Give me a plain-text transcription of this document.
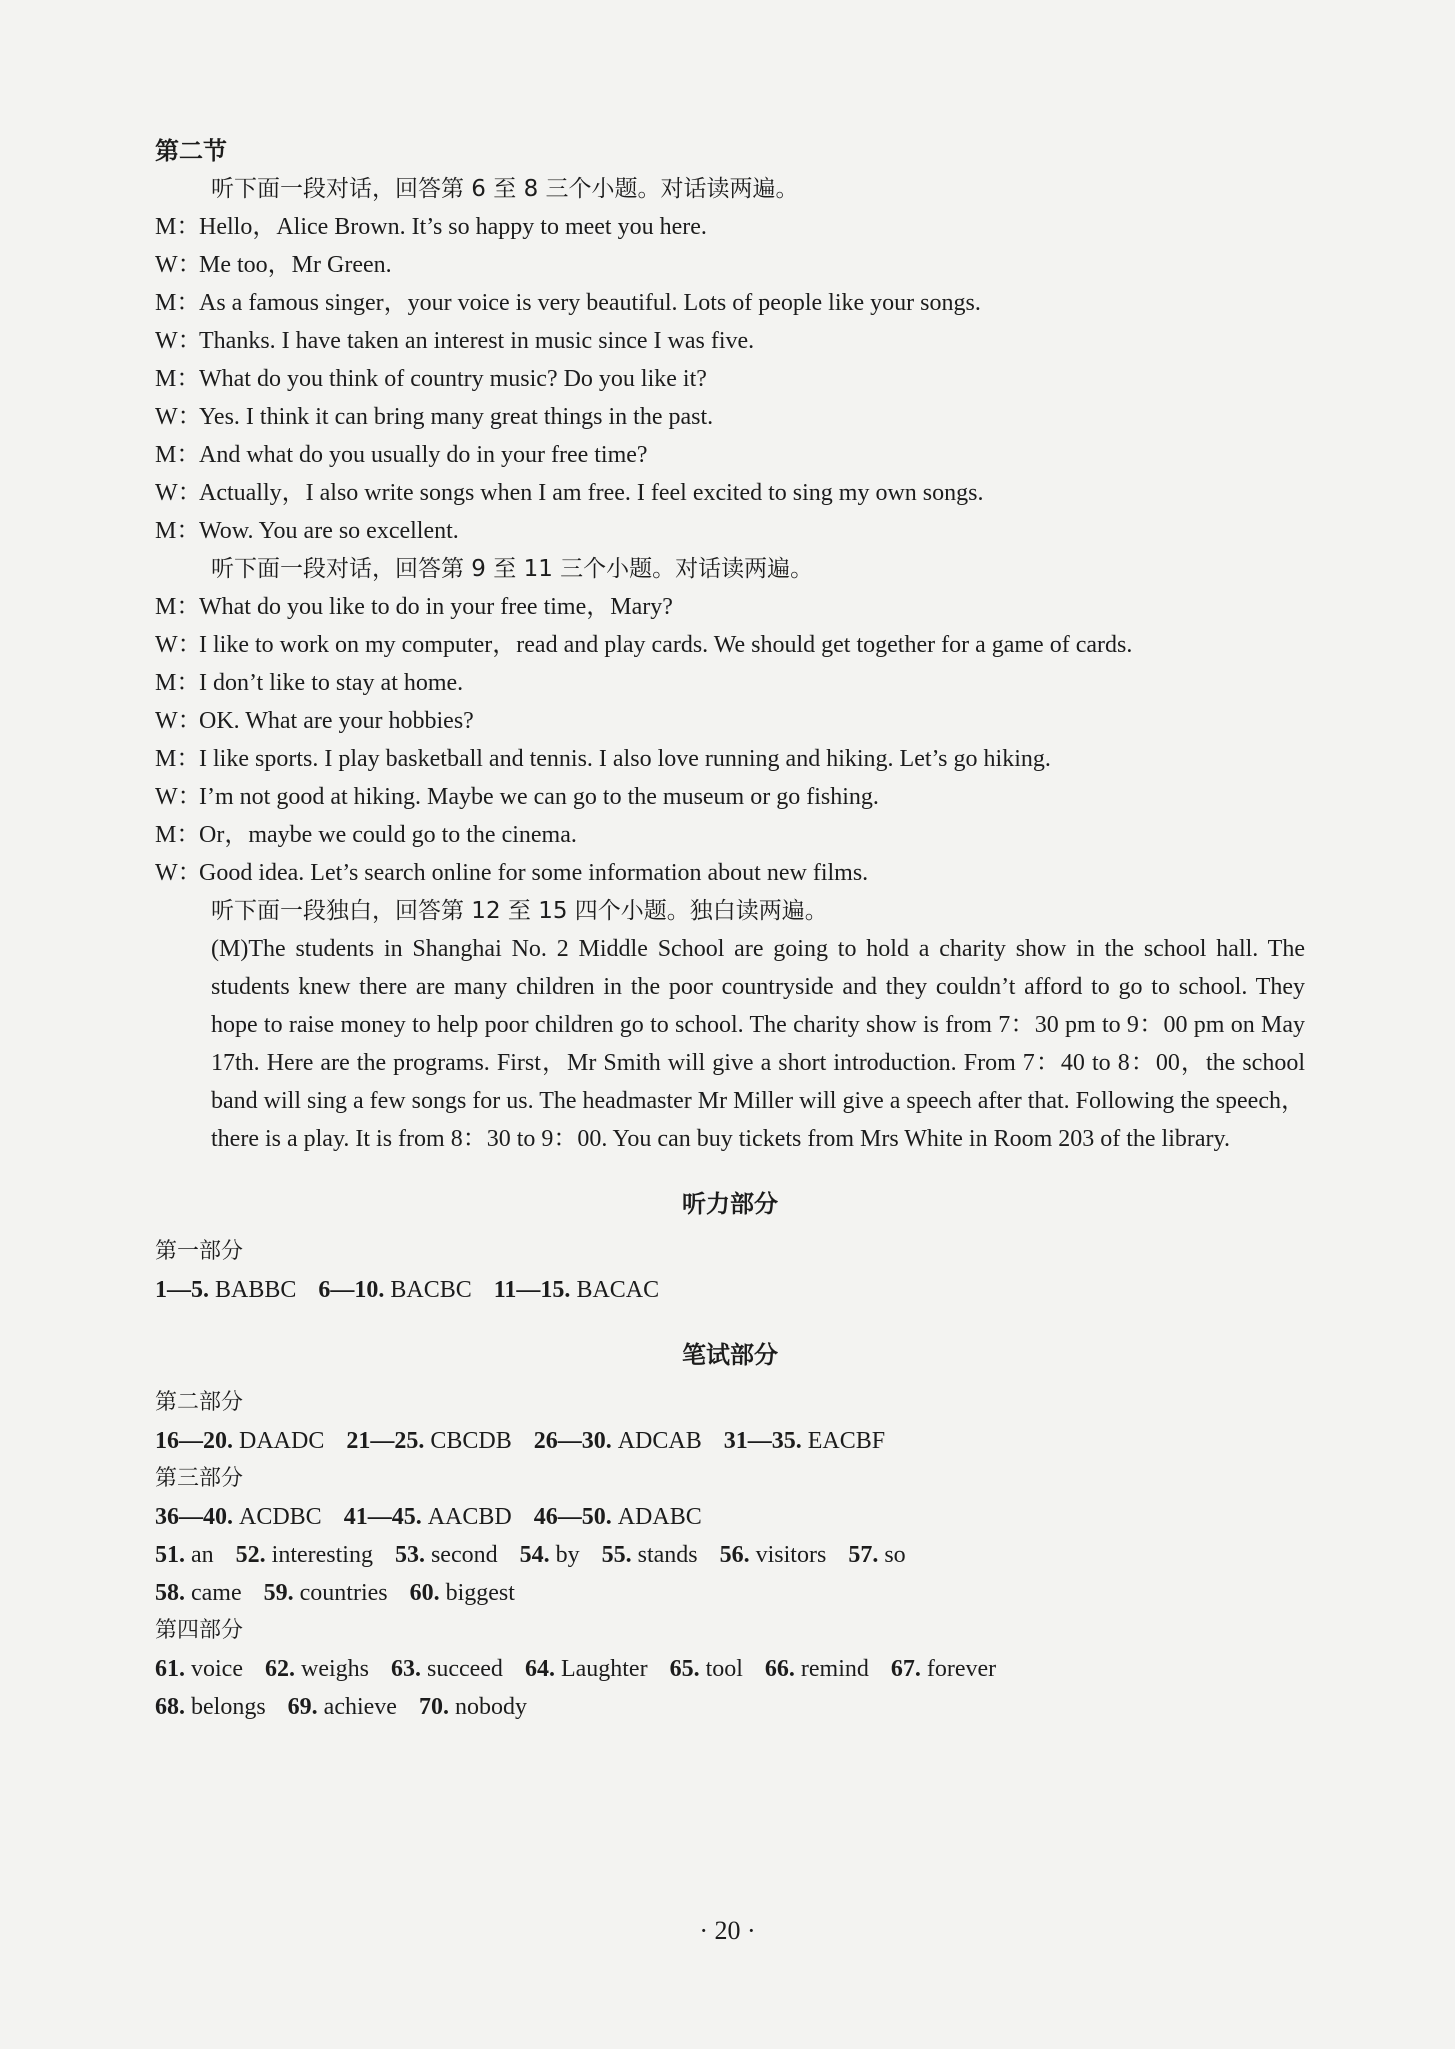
第二节
听下面一段对话，回答第 6 至 8 三个小题。对话读两遍。
M：
Hello，Alice Brown. It’s so happy to meet you here.
W：
Me too，Mr Green.
M：
As a famous singer，your voice is very beautiful. Lots of people like your songs.
W：
Thanks. I have taken an interest in music since I was five.
M：
What do you think of country music? Do you like it?
W：
Yes. I think it can bring many great things in the past.
M：
And what do you usually do in your free time?
W：
Actually，I also write songs when I am free. I feel excited to sing my own songs.
M：
Wow. You are so excellent.
听下面一段对话，回答第 9 至 11 三个小题。对话读两遍。
M：
What do you like to do in your free time，Mary?
W：
I like to work on my computer，read and play cards. We should get together for a game of cards.
M：
I don’t like to stay at home.
W：
OK. What are your hobbies?
M：
I like sports. I play basketball and tennis. I also love running and hiking. Let’s go hiking.
W：
I’m not good at hiking. Maybe we can go to the museum or go fishing.
M：
Or，maybe we could go to the cinema.
W：
Good idea. Let’s search online for some information about new films.
听下面一段独白，回答第 12 至 15 四个小题。独白读两遍。
(M)The students in Shanghai No. 2 Middle School are going to hold a charity show in the school hall. The students knew there are many children in the poor countryside and they couldn’t afford to go to school. They hope to raise money to help poor children go to school. The charity show is from 7：30 pm to 9：00 pm on May 17th. Here are the programs. First，Mr Smith will give a short introduction. From 7：40 to 8：00，the school band will sing a few songs for us. The headmaster Mr Miller will give a speech after that. Following the speech，there is a play. It is from 8：30 to 9：00. You can buy tickets from Mrs White in Room 203 of the library.
听力部分
第一部分
1—5. BABBC 6—10. BACBC 11—15. BACAC
笔试部分
第二部分
16—20. DAADC 21—25. CBCDB 26—30. ADCAB 31—35. EACBF
第三部分
36—40. ACDBC 41—45. AACBD 46—50. ADABC
51. an 52. interesting 53. second 54. by 55. stands 56. visitors 57. so
58. came 59. countries 60. biggest
第四部分
61. voice 62. weighs 63. succeed 64. Laughter 65. tool 66. remind 67. forever
68. belongs 69. achieve 70. nobody
· 20 ·
